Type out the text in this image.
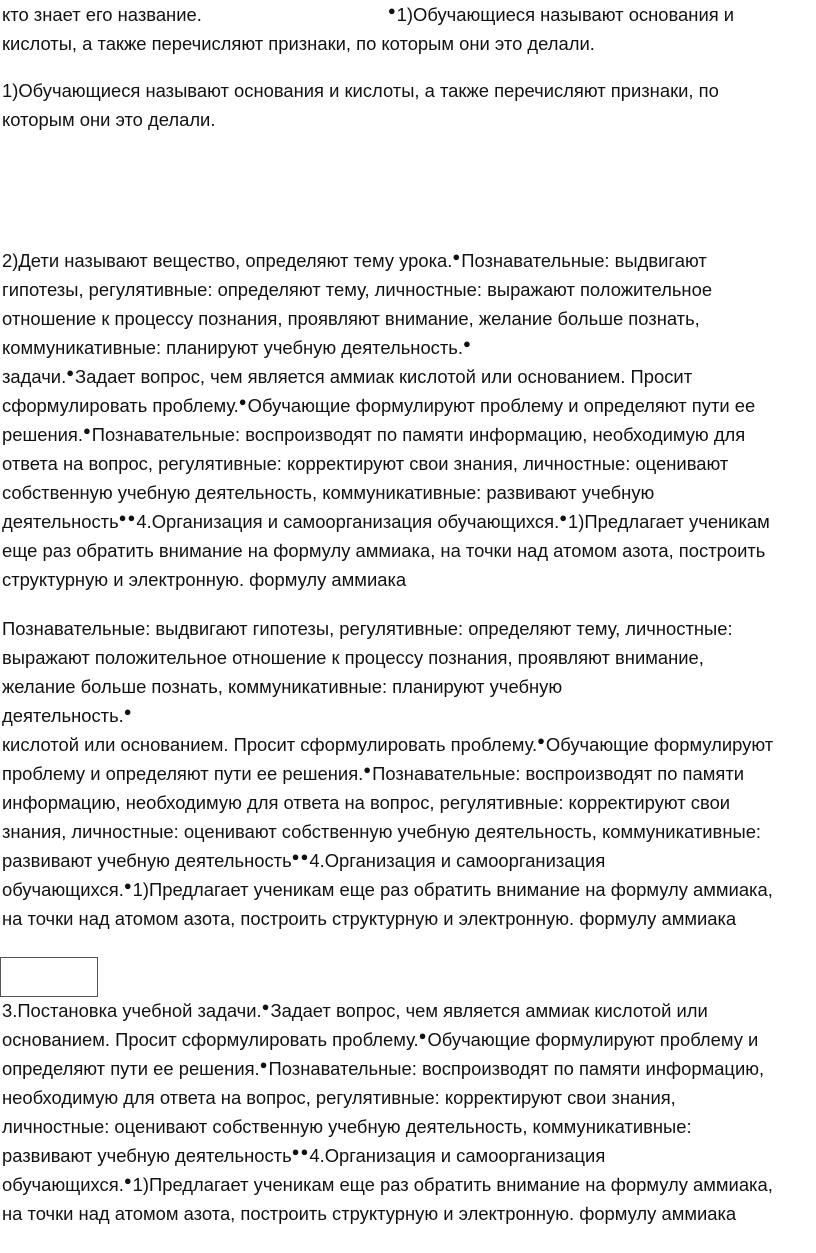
кто знает его название.	●1)Обучающиеся называют основания и
кислоты, а также перечисляют признаки, по которым они это делали.
1)Обучающиеся называют основания и кислоты, а также перечисляют признаки, по
которым они это делали.
2)Дети называют вещество, определяют тему урока.●Познавательные: выдвигают
гипотезы, регулятивные: определяют тему, личностные: выражают положительное
отношение к процессу познания, проявляют внимание, желание больше познать,
коммуникативные: планируют учебную деятельность.●
задачи.●Задает вопрос, чем является аммиак кислотой или основанием. Просит
сформулировать проблему.●Обучающие формулируют проблему и определяют пути ее
решения.●Познавательные: воспроизводят по памяти информацию, необходимую для
ответа на вопрос, регулятивные: корректируют свои знания, личностные: оценивают
собственную учебную деятельность, коммуникативные: развивают учебную
деятельность●●4.Организация и самоорганизация обучающихся.●1)Предлагает ученикам
еще раз обратить внимание на формулу аммиака, на точки над атомом азота, построить
структурную и электронную. формулу аммиака
Познавательные: выдвигают гипотезы, регулятивные: определяют тему, личностные:
выражают положительное отношение к процессу познания, проявляют внимание,
желание больше познать, коммуникативные: планируют учебную
деятельность.●
кислотой или основанием. Просит сформулировать проблему.●Обучающие формулируют
проблему и определяют пути ее решения.●Познавательные: воспроизводят по памяти
информацию, необходимую для ответа на вопрос, регулятивные: корректируют свои
знания, личностные: оценивают собственную учебную деятельность, коммуникативные:
развивают учебную деятельность●●4.Организация и самоорганизация
обучающихся.●1)Предлагает ученикам еще раз обратить внимание на формулу аммиака,
на точки над атомом азота, построить структурную и электронную. формулу аммиака
3.Постановка учебной задачи.●Задает вопрос, чем является аммиак кислотой или
основанием. Просит сформулировать проблему.●Обучающие формулируют проблему и
определяют пути ее решения.●Познавательные: воспроизводят по памяти информацию,
необходимую для ответа на вопрос, регулятивные: корректируют свои знания,
личностные: оценивают собственную учебную деятельность, коммуникативные:
развивают учебную деятельность●●4.Организация и самоорганизация
обучающихся.●1)Предлагает ученикам еще раз обратить внимание на формулу аммиака,
на точки над атомом азота, построить структурную и электронную. формулу аммиака
